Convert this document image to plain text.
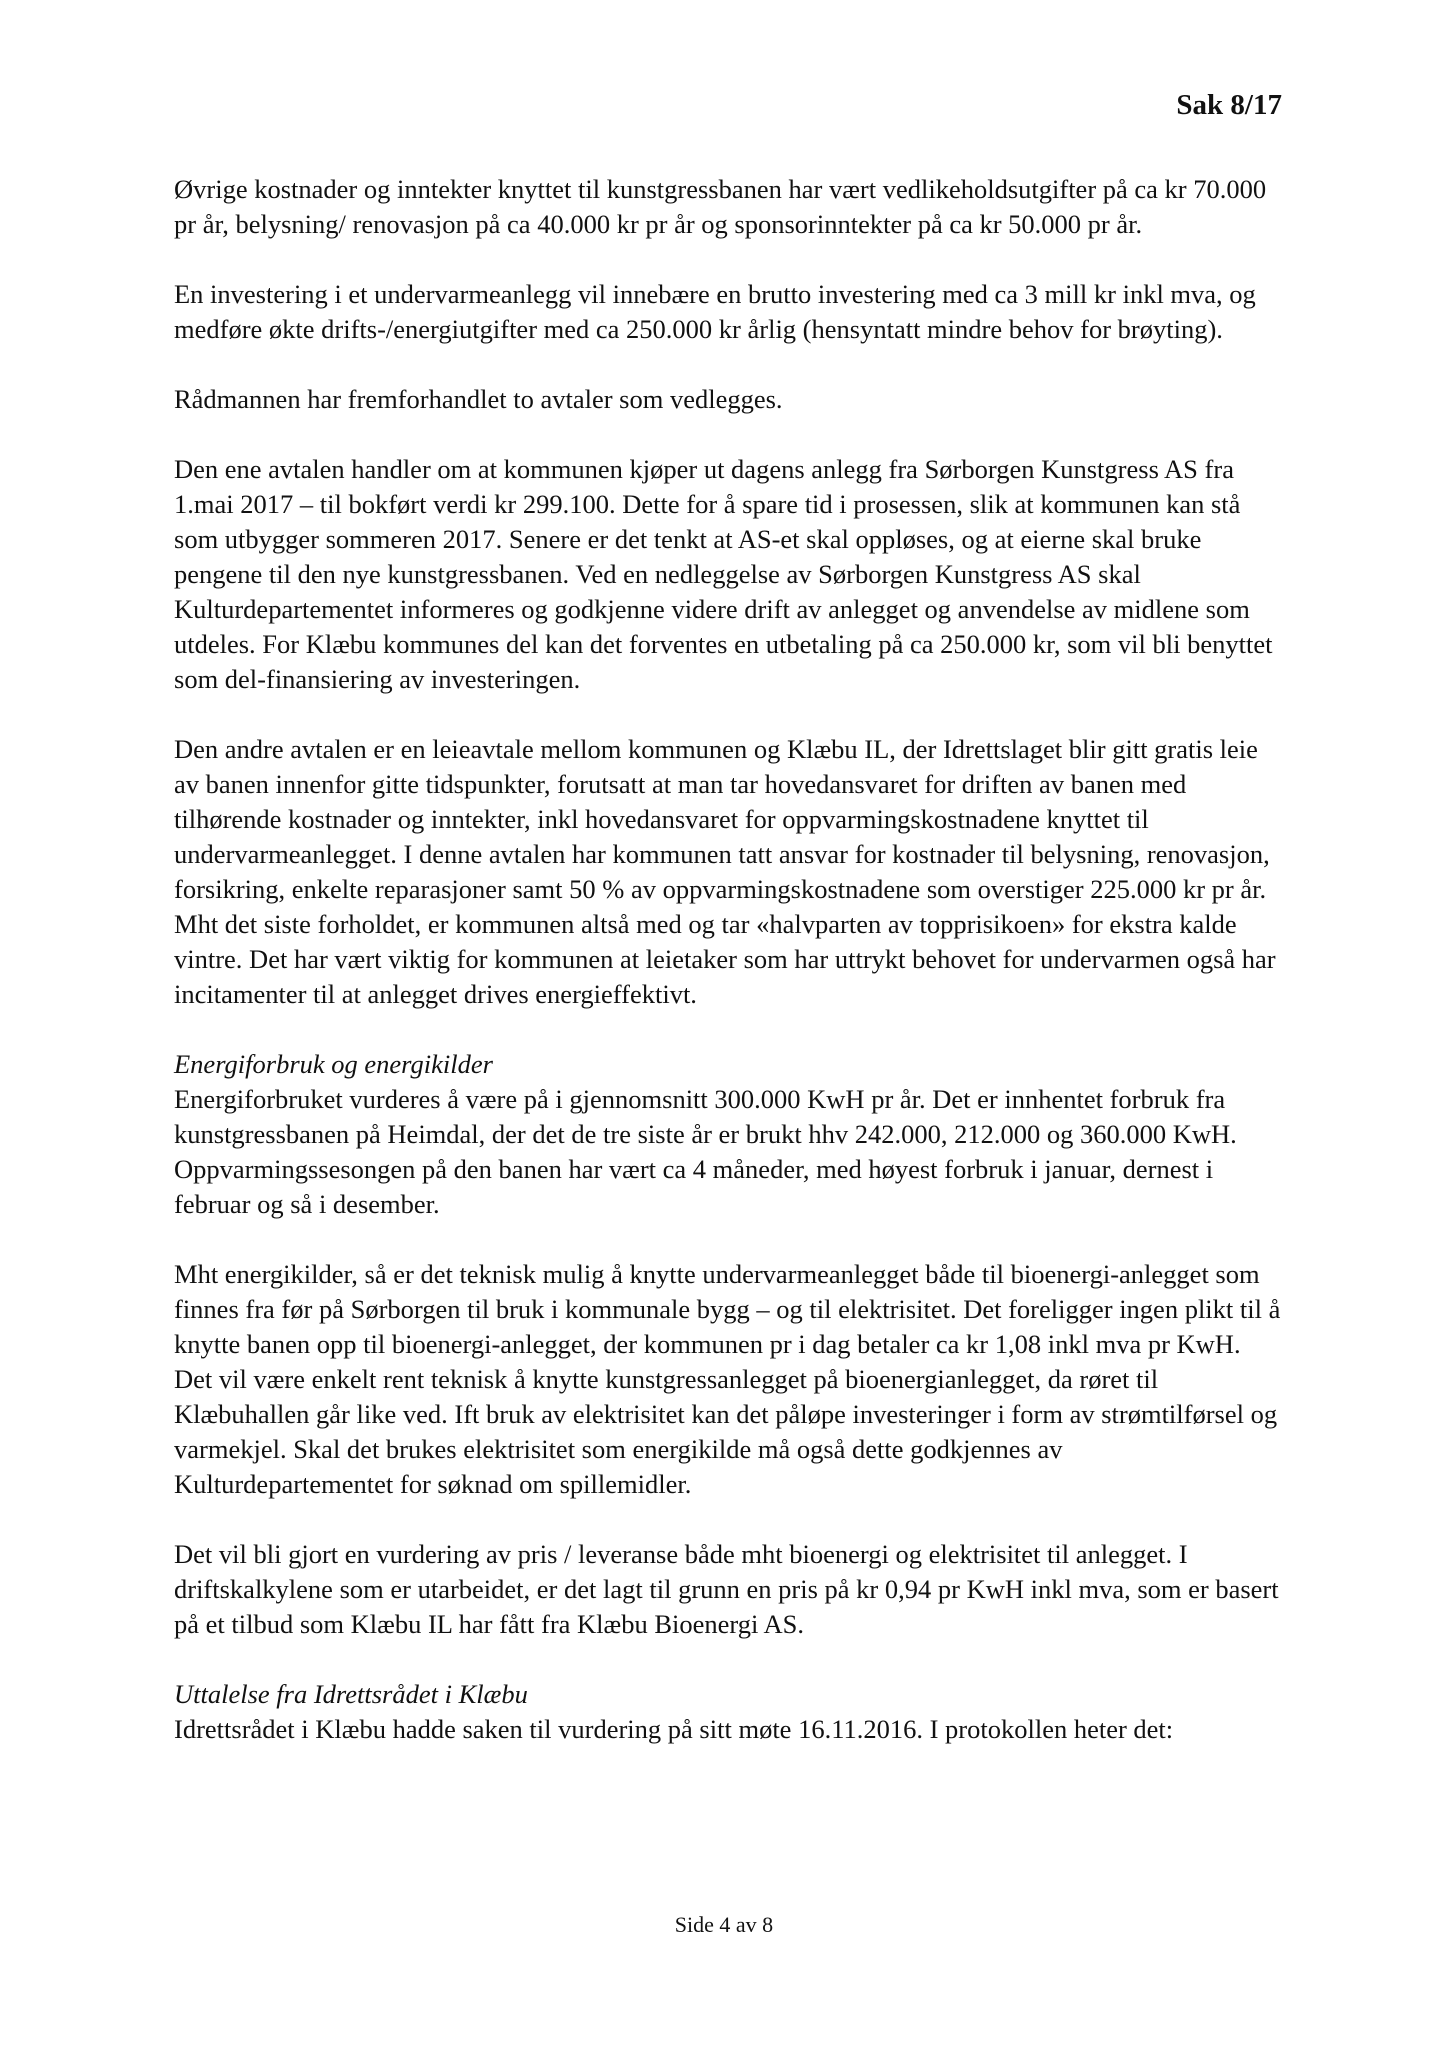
Sak 8/17

Øvrige kostnader og inntekter knyttet til kunstgressbanen har vært vedlikeholdsutgifter på ca kr 70.000 pr år, belysning/ renovasjon på ca 40.000 kr pr år og sponsorinntekter på ca kr 50.000 pr år.

En investering i et undervarmeanlegg vil innebære en brutto investering med ca 3 mill kr inkl mva, og medføre økte drifts-/energiutgifter med ca 250.000 kr årlig (hensyntatt mindre behov for brøyting).

Rådmannen har fremforhandlet to avtaler som vedlegges.

Den ene avtalen handler om at kommunen kjøper ut dagens anlegg fra Sørborgen Kunstgress AS fra 1.mai 2017 – til bokført verdi kr 299.100. Dette for å spare tid i prosessen, slik at kommunen kan stå som utbygger sommeren 2017. Senere er det tenkt at AS-et skal oppløses, og at eierne skal bruke pengene til den nye kunstgressbanen. Ved en nedleggelse av Sørborgen Kunstgress AS skal Kulturdepartementet informeres og godkjenne videre drift av anlegget og anvendelse av midlene som utdeles. For Klæbu kommunes del kan det forventes en utbetaling på ca 250.000 kr, som vil bli benyttet som del-finansiering av investeringen.

Den andre avtalen er en leieavtale mellom kommunen og Klæbu IL, der Idrettslaget blir gitt gratis leie av banen innenfor gitte tidspunkter, forutsatt at man tar hovedansvaret for driften av banen med tilhørende kostnader og inntekter, inkl hovedansvaret for oppvarmingskostnadene knyttet til undervarmeanlegget. I denne avtalen har kommunen tatt ansvar for kostnader til belysning, renovasjon, forsikring, enkelte reparasjoner samt 50 % av oppvarmingskostnadene som overstiger 225.000 kr pr år. Mht det siste forholdet, er kommunen altså med og tar «halvparten av topprisikoen» for ekstra kalde vintre. Det har vært viktig for kommunen at leietaker som har uttrykt behovet for undervarmen også har incitamenter til at anlegget drives energieffektivt.

Energiforbruk og energikilder

Energiforbruket vurderes å være på i gjennomsnitt 300.000 KwH pr år. Det er innhentet forbruk fra kunstgressbanen på Heimdal, der det de tre siste år er brukt hhv 242.000, 212.000 og 360.000 KwH. Oppvarmingssesongen på den banen har vært ca 4 måneder, med høyest forbruk i januar, dernest i februar og så i desember.

Mht energikilder, så er det teknisk mulig å knytte undervarmeanlegget både til bioenergi-anlegget som finnes fra før på Sørborgen til bruk i kommunale bygg – og til elektrisitet. Det foreligger ingen plikt til å knytte banen opp til bioenergi-anlegget, der kommunen pr i dag betaler ca kr 1,08 inkl mva pr KwH. Det vil være enkelt rent teknisk å knytte kunstgressanlegget på bioenergianlegget, da røret til Klæbuhallen går like ved. Ift bruk av elektrisitet kan det påløpe investeringer i form av strømtilførsel og varmekjel. Skal det brukes elektrisitet som energikilde må også dette godkjennes av Kulturdepartementet for søknad om spillemidler.

Det vil bli gjort en vurdering av pris / leveranse både mht bioenergi og elektrisitet til anlegget. I driftskalkylene som er utarbeidet, er det lagt til grunn en pris på kr 0,94 pr KwH inkl mva, som er basert på et tilbud som Klæbu IL har fått fra Klæbu Bioenergi AS.

Uttalelse fra Idrettsrådet i Klæbu

Idrettsrådet i Klæbu hadde saken til vurdering på sitt møte 16.11.2016. I protokollen heter det:

Side 4 av 8
